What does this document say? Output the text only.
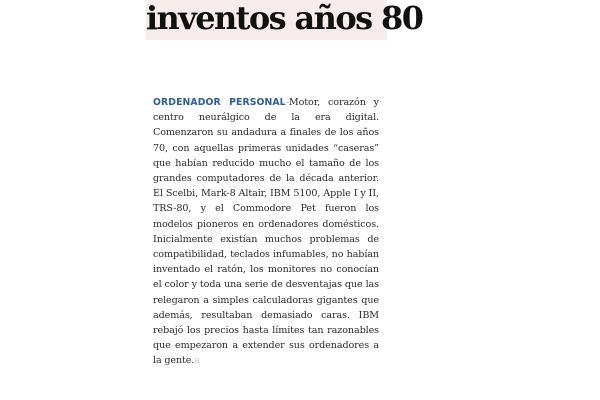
inventos años 80
ORDENADOR PERSONAL-Motor, corazón y centro neurálgico de la era digital. Comenzaron su andadura a finales de los años 70, con aquellas primeras unidades “caseras” que habían reducido mucho el tamaño de los grandes computadores de la década anterior. El Scelbi, Mark-8 Altair, IBM 5100, Apple I y II, TRS-80, y el Commodore Pet fueron los modelos pioneros en ordenadores domésticos. Inicialmente existían muchos problemas de compatibilidad, teclados infumables, no habían inventado el ratón, los monitores no conocían el color y toda una serie de desventajas que las relegaron a simples calculadoras gigantes que además, resultaban demasiado caras. IBM rebajó los precios hasta límites tan razonables que empezaron a extender sus ordenadores a la gente.a
